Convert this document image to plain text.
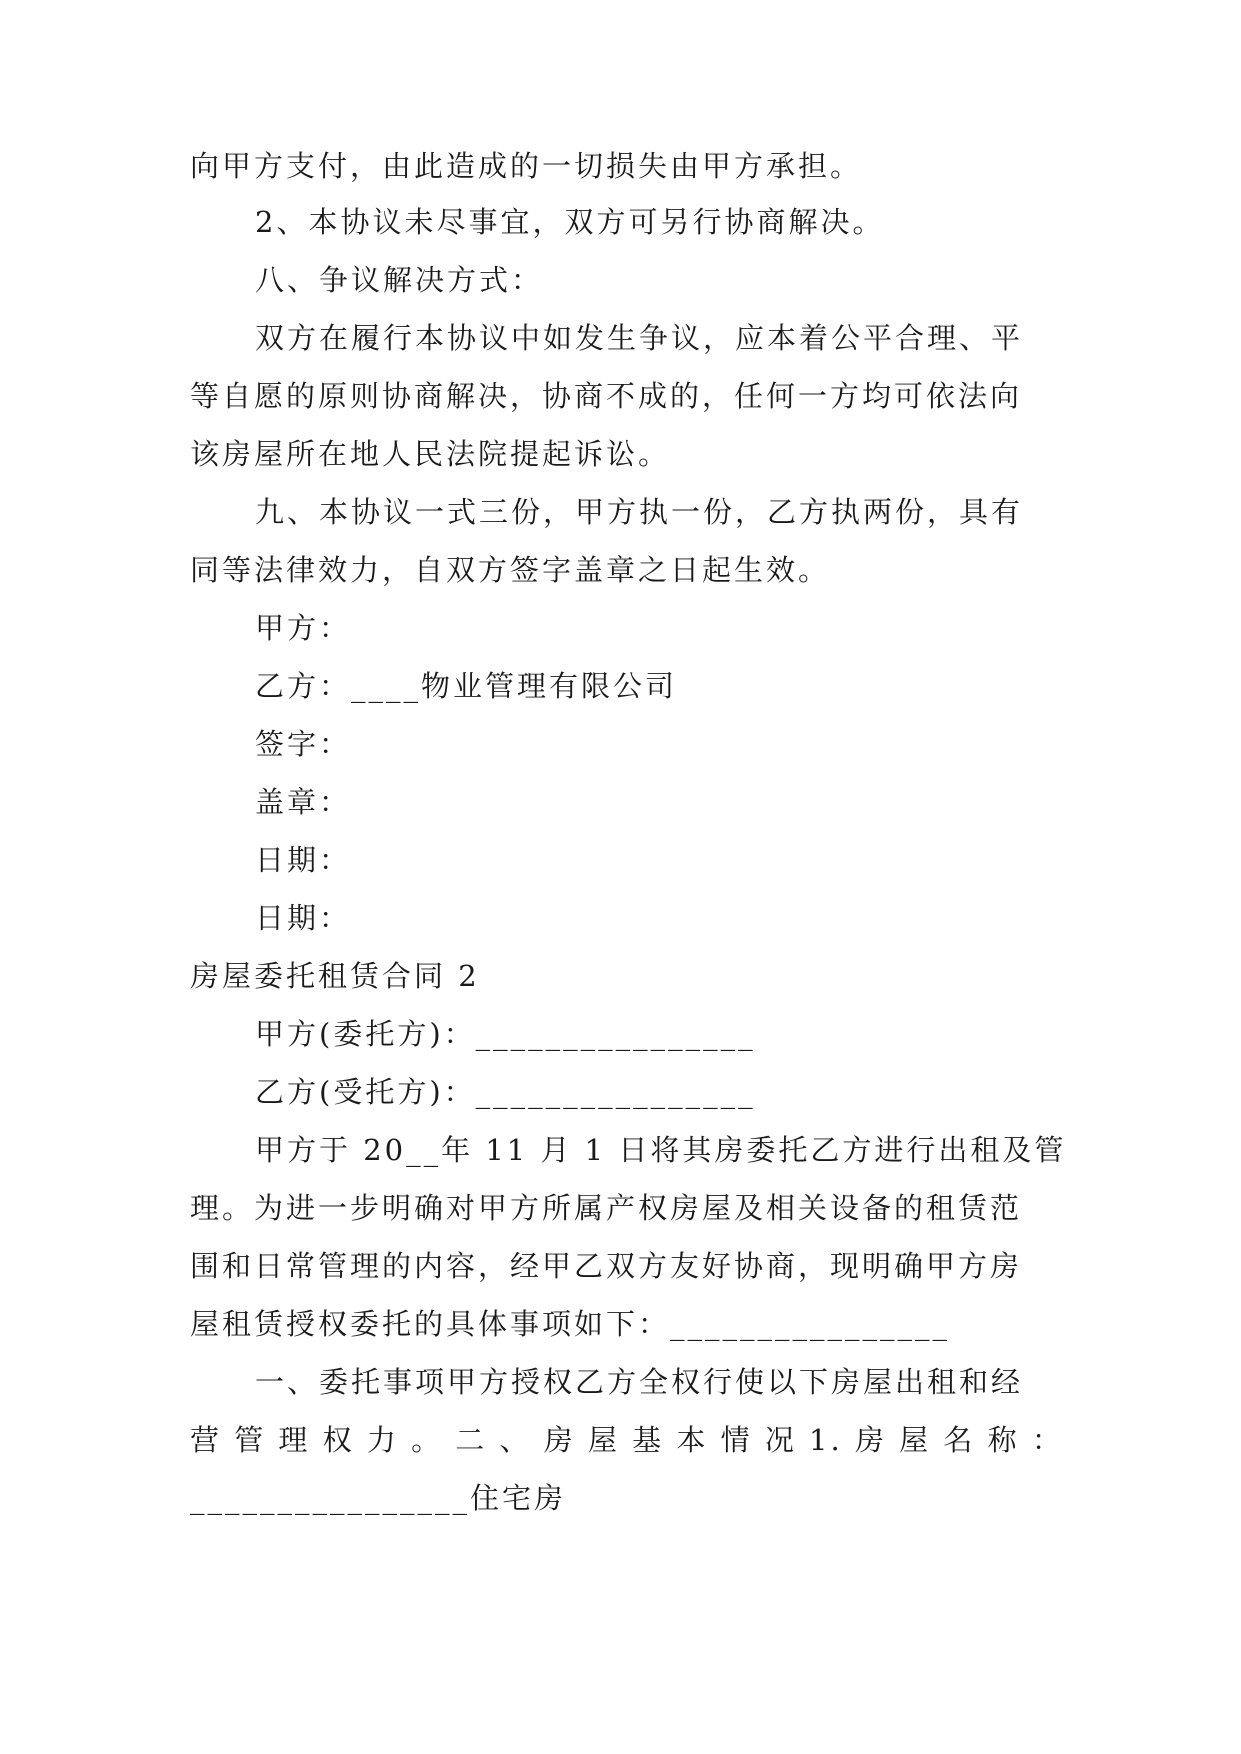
向甲方支付，由此造成的一切损失由甲方承担。
2、本协议未尽事宜，双方可另行协商解决。
八、争议解决方式：
双方在履行本协议中如发生争议，应本着公平合理、平
等自愿的原则协商解决，协商不成的，任何一方均可依法向
该房屋所在地人民法院提起诉讼。
九、本协议一式三份，甲方执一份，乙方执两份，具有
同等法律效力，自双方签字盖章之日起生效。
甲方：
乙方：____物业管理有限公司
签字：
盖章：
日期：
日期：
房屋委托租赁合同 2
甲方(委托方)：________________
乙方(受托方)：________________
甲方于 20__年 11 月 1 日将其房委托乙方进行出租及管
理。为进一步明确对甲方所属产权房屋及相关设备的租赁范
围和日常管理的内容，经甲乙双方友好协商，现明确甲方房
屋租赁授权委托的具体事项如下：________________
一、委托事项甲方授权乙方全权行使以下房屋出租和经
营 管 理 权 力 。 二 、 房 屋 基 本 情 况 1. 房 屋 名 称 ：
________________住宅房
